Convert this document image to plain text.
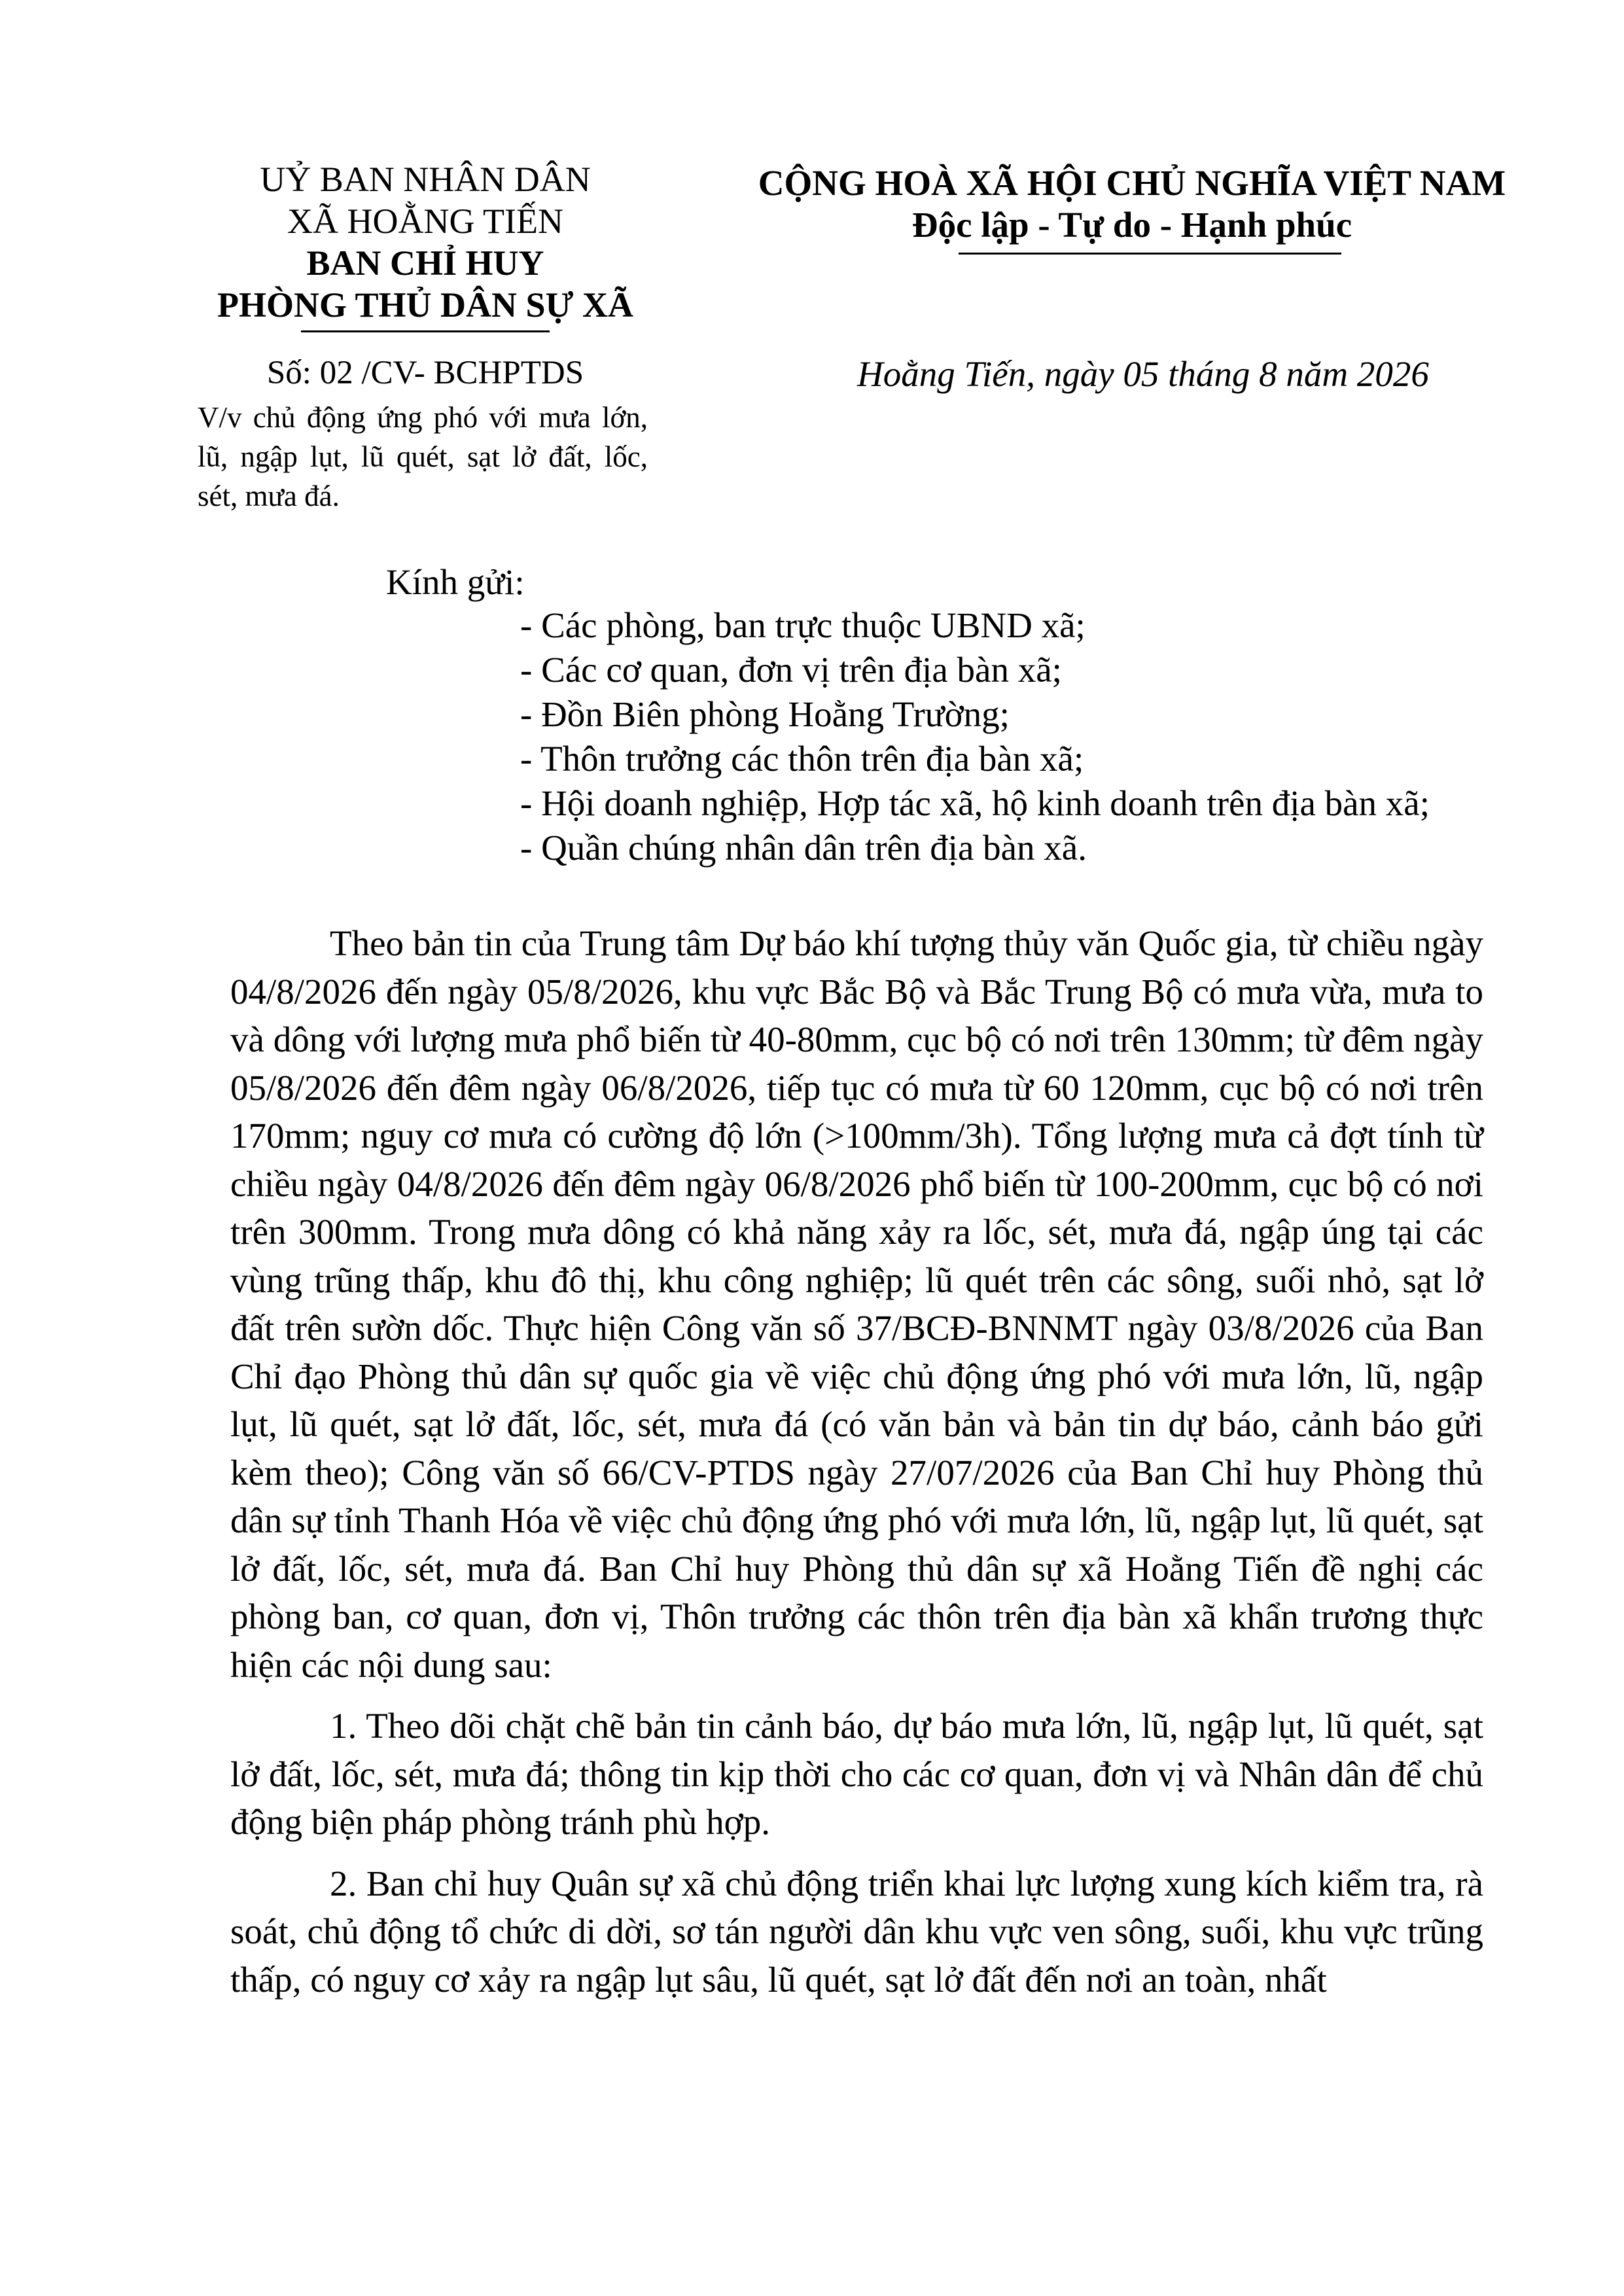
UỶ BAN NHÂN DÂN
XÃ HOẰNG TIẾN
BAN CHỈ HUY
PHÒNG THỦ DÂN SỰ XÃ
Số: 02 /CV- BCHPTDS
V/v chủ động ứng phó với mưa lớn, lũ, ngập lụt, lũ quét, sạt lở đất, lốc, sét, mưa đá.
CỘNG HOÀ XÃ HỘI CHỦ NGHĨA VIỆT NAM
Độc lập - Tự do - Hạnh phúc
Hoằng Tiến, ngày 05 tháng 8 năm 2026
Kính gửi:
- Các phòng, ban trực thuộc UBND xã;
- Các cơ quan, đơn vị trên địa bàn xã;
- Đồn Biên phòng Hoằng Trường;
- Thôn trưởng các thôn trên địa bàn xã;
- Hội doanh nghiệp, Hợp tác xã, hộ kinh doanh trên địa bàn xã;
- Quần chúng nhân dân trên địa bàn xã.

Theo bản tin của Trung tâm Dự báo khí tượng thủy văn Quốc gia, từ chiều ngày 04/8/2026 đến ngày 05/8/2026, khu vực Bắc Bộ và Bắc Trung Bộ có mưa vừa, mưa to và dông với lượng mưa phổ biến từ 40-80mm, cục bộ có nơi trên 130mm; từ đêm ngày 05/8/2026 đến đêm ngày 06/8/2026, tiếp tục có mưa từ 60 120mm, cục bộ có nơi trên 170mm; nguy cơ mưa có cường độ lớn (>100mm/3h). Tổng lượng mưa cả đợt tính từ chiều ngày 04/8/2026 đến đêm ngày 06/8/2026 phổ biến từ 100-200mm, cục bộ có nơi trên 300mm. Trong mưa dông có khả năng xảy ra lốc, sét, mưa đá, ngập úng tại các vùng trũng thấp, khu đô thị, khu công nghiệp; lũ quét trên các sông, suối nhỏ, sạt lở đất trên sườn dốc. Thực hiện Công văn số 37/BCĐ-BNNMT ngày 03/8/2026 của Ban Chỉ đạo Phòng thủ dân sự quốc gia về việc chủ động ứng phó với mưa lớn, lũ, ngập lụt, lũ quét, sạt lở đất, lốc, sét, mưa đá (có văn bản và bản tin dự báo, cảnh báo gửi kèm theo); Công văn số 66/CV-PTDS ngày 27/07/2026 của Ban Chỉ huy Phòng thủ dân sự tỉnh Thanh Hóa về việc chủ động ứng phó với mưa lớn, lũ, ngập lụt, lũ quét, sạt lở đất, lốc, sét, mưa đá. Ban Chỉ huy Phòng thủ dân sự xã Hoằng Tiến đề nghị các phòng ban, cơ quan, đơn vị, Thôn trưởng các thôn trên địa bàn xã khẩn trương thực hiện các nội dung sau:

1. Theo dõi chặt chẽ bản tin cảnh báo, dự báo mưa lớn, lũ, ngập lụt, lũ quét, sạt lở đất, lốc, sét, mưa đá; thông tin kịp thời cho các cơ quan, đơn vị và Nhân dân để chủ động biện pháp phòng tránh phù hợp.

2. Ban chỉ huy Quân sự xã chủ động triển khai lực lượng xung kích kiểm tra, rà soát, chủ động tổ chức di dời, sơ tán người dân khu vực ven sông, suối, khu vực trũng thấp, có nguy cơ xảy ra ngập lụt sâu, lũ quét, sạt lở đất đến nơi an toàn, nhất
